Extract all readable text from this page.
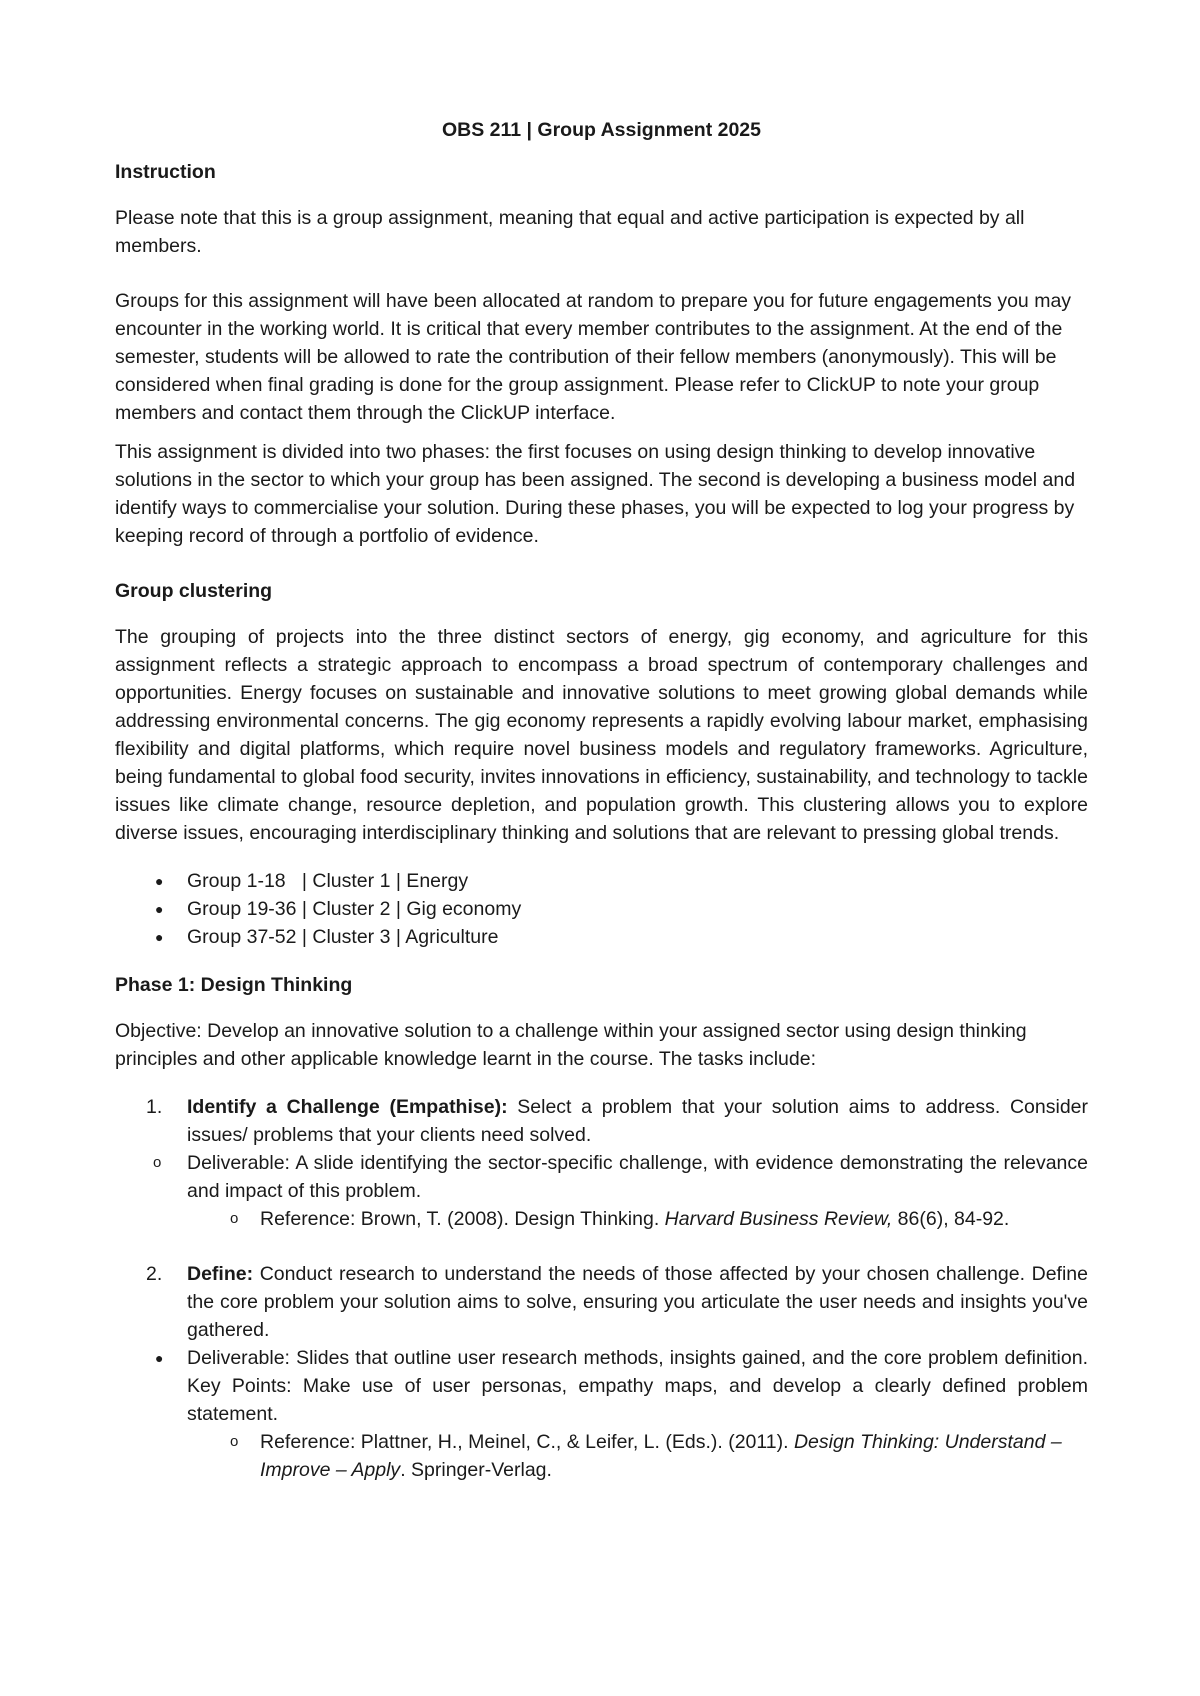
OBS 211 | Group Assignment 2025
Instruction

Please note that this is a group assignment, meaning that equal and active participation is expected by all members.

Groups for this assignment will have been allocated at random to prepare you for future engagements you may encounter in the working world. It is critical that every member contributes to the assignment. At the end of the semester, students will be allowed to rate the contribution of their fellow members (anonymously). This will be considered when final grading is done for the group assignment. Please refer to ClickUP to note your group members and contact them through the ClickUP interface.

This assignment is divided into two phases: the first focuses on using design thinking to develop innovative solutions in the sector to which your group has been assigned. The second is developing a business model and identify ways to commercialise your solution. During these phases, you will be expected to log your progress by keeping record of through a portfolio of evidence.

Group clustering

The grouping of projects into the three distinct sectors of energy, gig economy, and agriculture for this assignment reflects a strategic approach to encompass a broad spectrum of contemporary challenges and opportunities. Energy focuses on sustainable and innovative solutions to meet growing global demands while addressing environmental concerns. The gig economy represents a rapidly evolving labour market, emphasising flexibility and digital platforms, which require novel business models and regulatory frameworks. Agriculture, being fundamental to global food security, invites innovations in efficiency, sustainability, and technology to tackle issues like climate change, resource depletion, and population growth. This clustering allows you to explore diverse issues, encouraging interdisciplinary thinking and solutions that are relevant to pressing global trends.

● Group 1-18   | Cluster 1 | Energy
● Group 19-36 | Cluster 2 | Gig economy
● Group 37-52 | Cluster 3 | Agriculture
Phase 1: Design Thinking

Objective: Develop an innovative solution to a challenge within your assigned sector using design thinking principles and other applicable knowledge learnt in the course. The tasks include:

1. Identify a Challenge (Empathise): Select a problem that your solution aims to address. Consider issues/ problems that your clients need solved.
o Deliverable: A slide identifying the sector-specific challenge, with evidence demonstrating the relevance and impact of this problem.
o Reference: Brown, T. (2008). Design Thinking. Harvard Business Review, 86(6), 84-92.
2. Define: Conduct research to understand the needs of those affected by your chosen challenge. Define the core problem your solution aims to solve, ensuring you articulate the user needs and insights you've gathered.
● Deliverable: Slides that outline user research methods, insights gained, and the core problem definition. Key Points: Make use of user personas, empathy maps, and develop a clearly defined problem statement.
o Reference: Plattner, H., Meinel, C., & Leifer, L. (Eds.). (2011). Design Thinking: Understand – Improve – Apply. Springer-Verlag.
